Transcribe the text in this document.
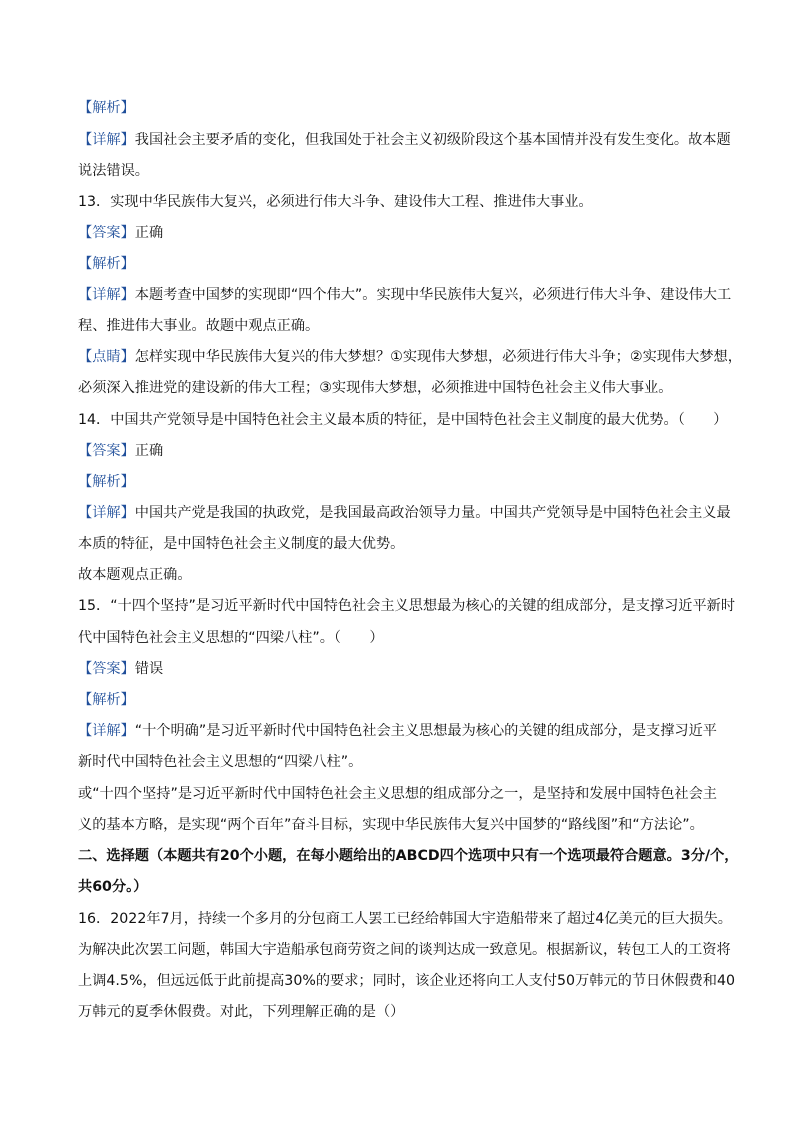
【解析】
【详解】我国社会主要矛盾的变化，但我国处于社会主义初级阶段这个基本国情并没有发生变化。故本题
说法错误。
13．实现中华民族伟大复兴，必须进行伟大斗争、建设伟大工程、推进伟大事业。
【答案】正确
【解析】
【详解】本题考查中国梦的实现即“四个伟大”。实现中华民族伟大复兴，必须进行伟大斗争、建设伟大工
程、推进伟大事业。故题中观点正确。
【点睛】怎样实现中华民族伟大复兴的伟大梦想？①实现伟大梦想，必须进行伟大斗争；②实现伟大梦想，
必须深入推进党的建设新的伟大工程；③实现伟大梦想，必须推进中国特色社会主义伟大事业。
14．中国共产党领导是中国特色社会主义最本质的特征，是中国特色社会主义制度的最大优势。（　　）
【答案】正确
【解析】
【详解】中国共产党是我国的执政党，是我国最高政治领导力量。中国共产党领导是中国特色社会主义最
本质的特征，是中国特色社会主义制度的最大优势。
故本题观点正确。
15．“十四个坚持”是习近平新时代中国特色社会主义思想最为核心的关键的组成部分，是支撑习近平新时
代中国特色社会主义思想的“四梁八柱”。（　　）
【答案】错误
【解析】
【详解】“十个明确”是习近平新时代中国特色社会主义思想最为核心的关键的组成部分，是支撑习近平
新时代中国特色社会主义思想的“四梁八柱”。
或“十四个坚持”是习近平新时代中国特色社会主义思想的组成部分之一，是坚持和发展中国特色社会主
义的基本方略，是实现“两个百年”奋斗目标，实现中华民族伟大复兴中国梦的“路线图”和“方法论”。
二、选择题（本题共有20个小题，在每小题给出的ABCD四个选项中只有一个选项最符合题意。3分/个，
共60分。）
16．2022年7月，持续一个多月的分包商工人罢工已经给韩国大宇造船带来了超过4亿美元的巨大损失。
为解决此次罢工问题，韩国大宇造船承包商劳资之间的谈判达成一致意见。根据新议，转包工人的工资将
上调4.5%，但远远低于此前提高30%的要求；同时，该企业还将向工人支付50万韩元的节日休假费和40
万韩元的夏季休假费。对此，下列理解正确的是（）
